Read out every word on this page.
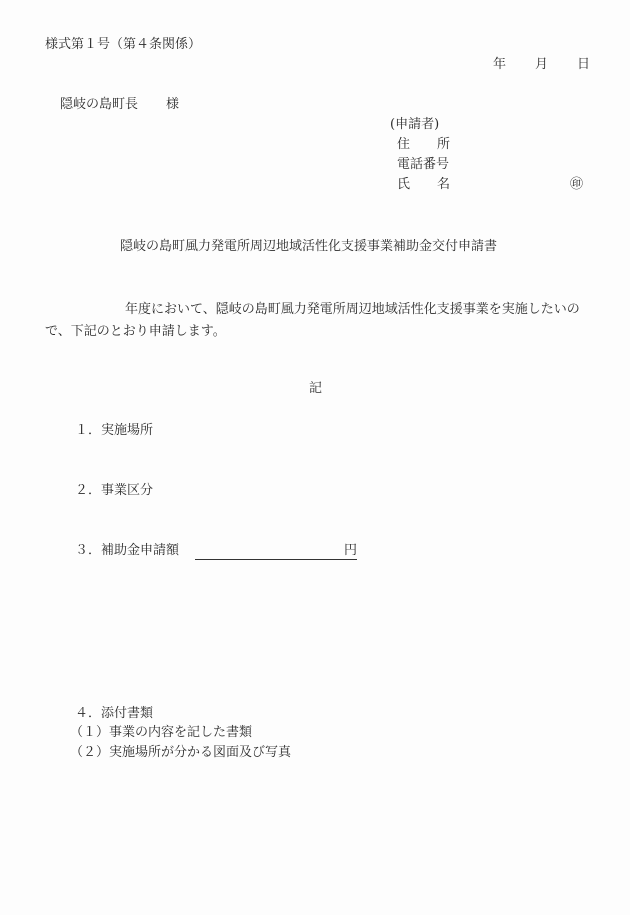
様式第１号（第４条関係）
年 月 日
隠岐の島町長 様
(申請者)
住 所
電話番号
氏 名	㊞
隠岐の島町風力発電所周辺地域活性化支援事業補助金交付申請書
年度において、隠岐の島町風力発電所周辺地域活性化支援事業を実施したいので、下記のとおり申請します。
記
１．実施場所
２．事業区分
３．補助金申請額	円
４．添付書類
（１）事業の内容を記した書類
（２）実施場所が分かる図面及び写真
